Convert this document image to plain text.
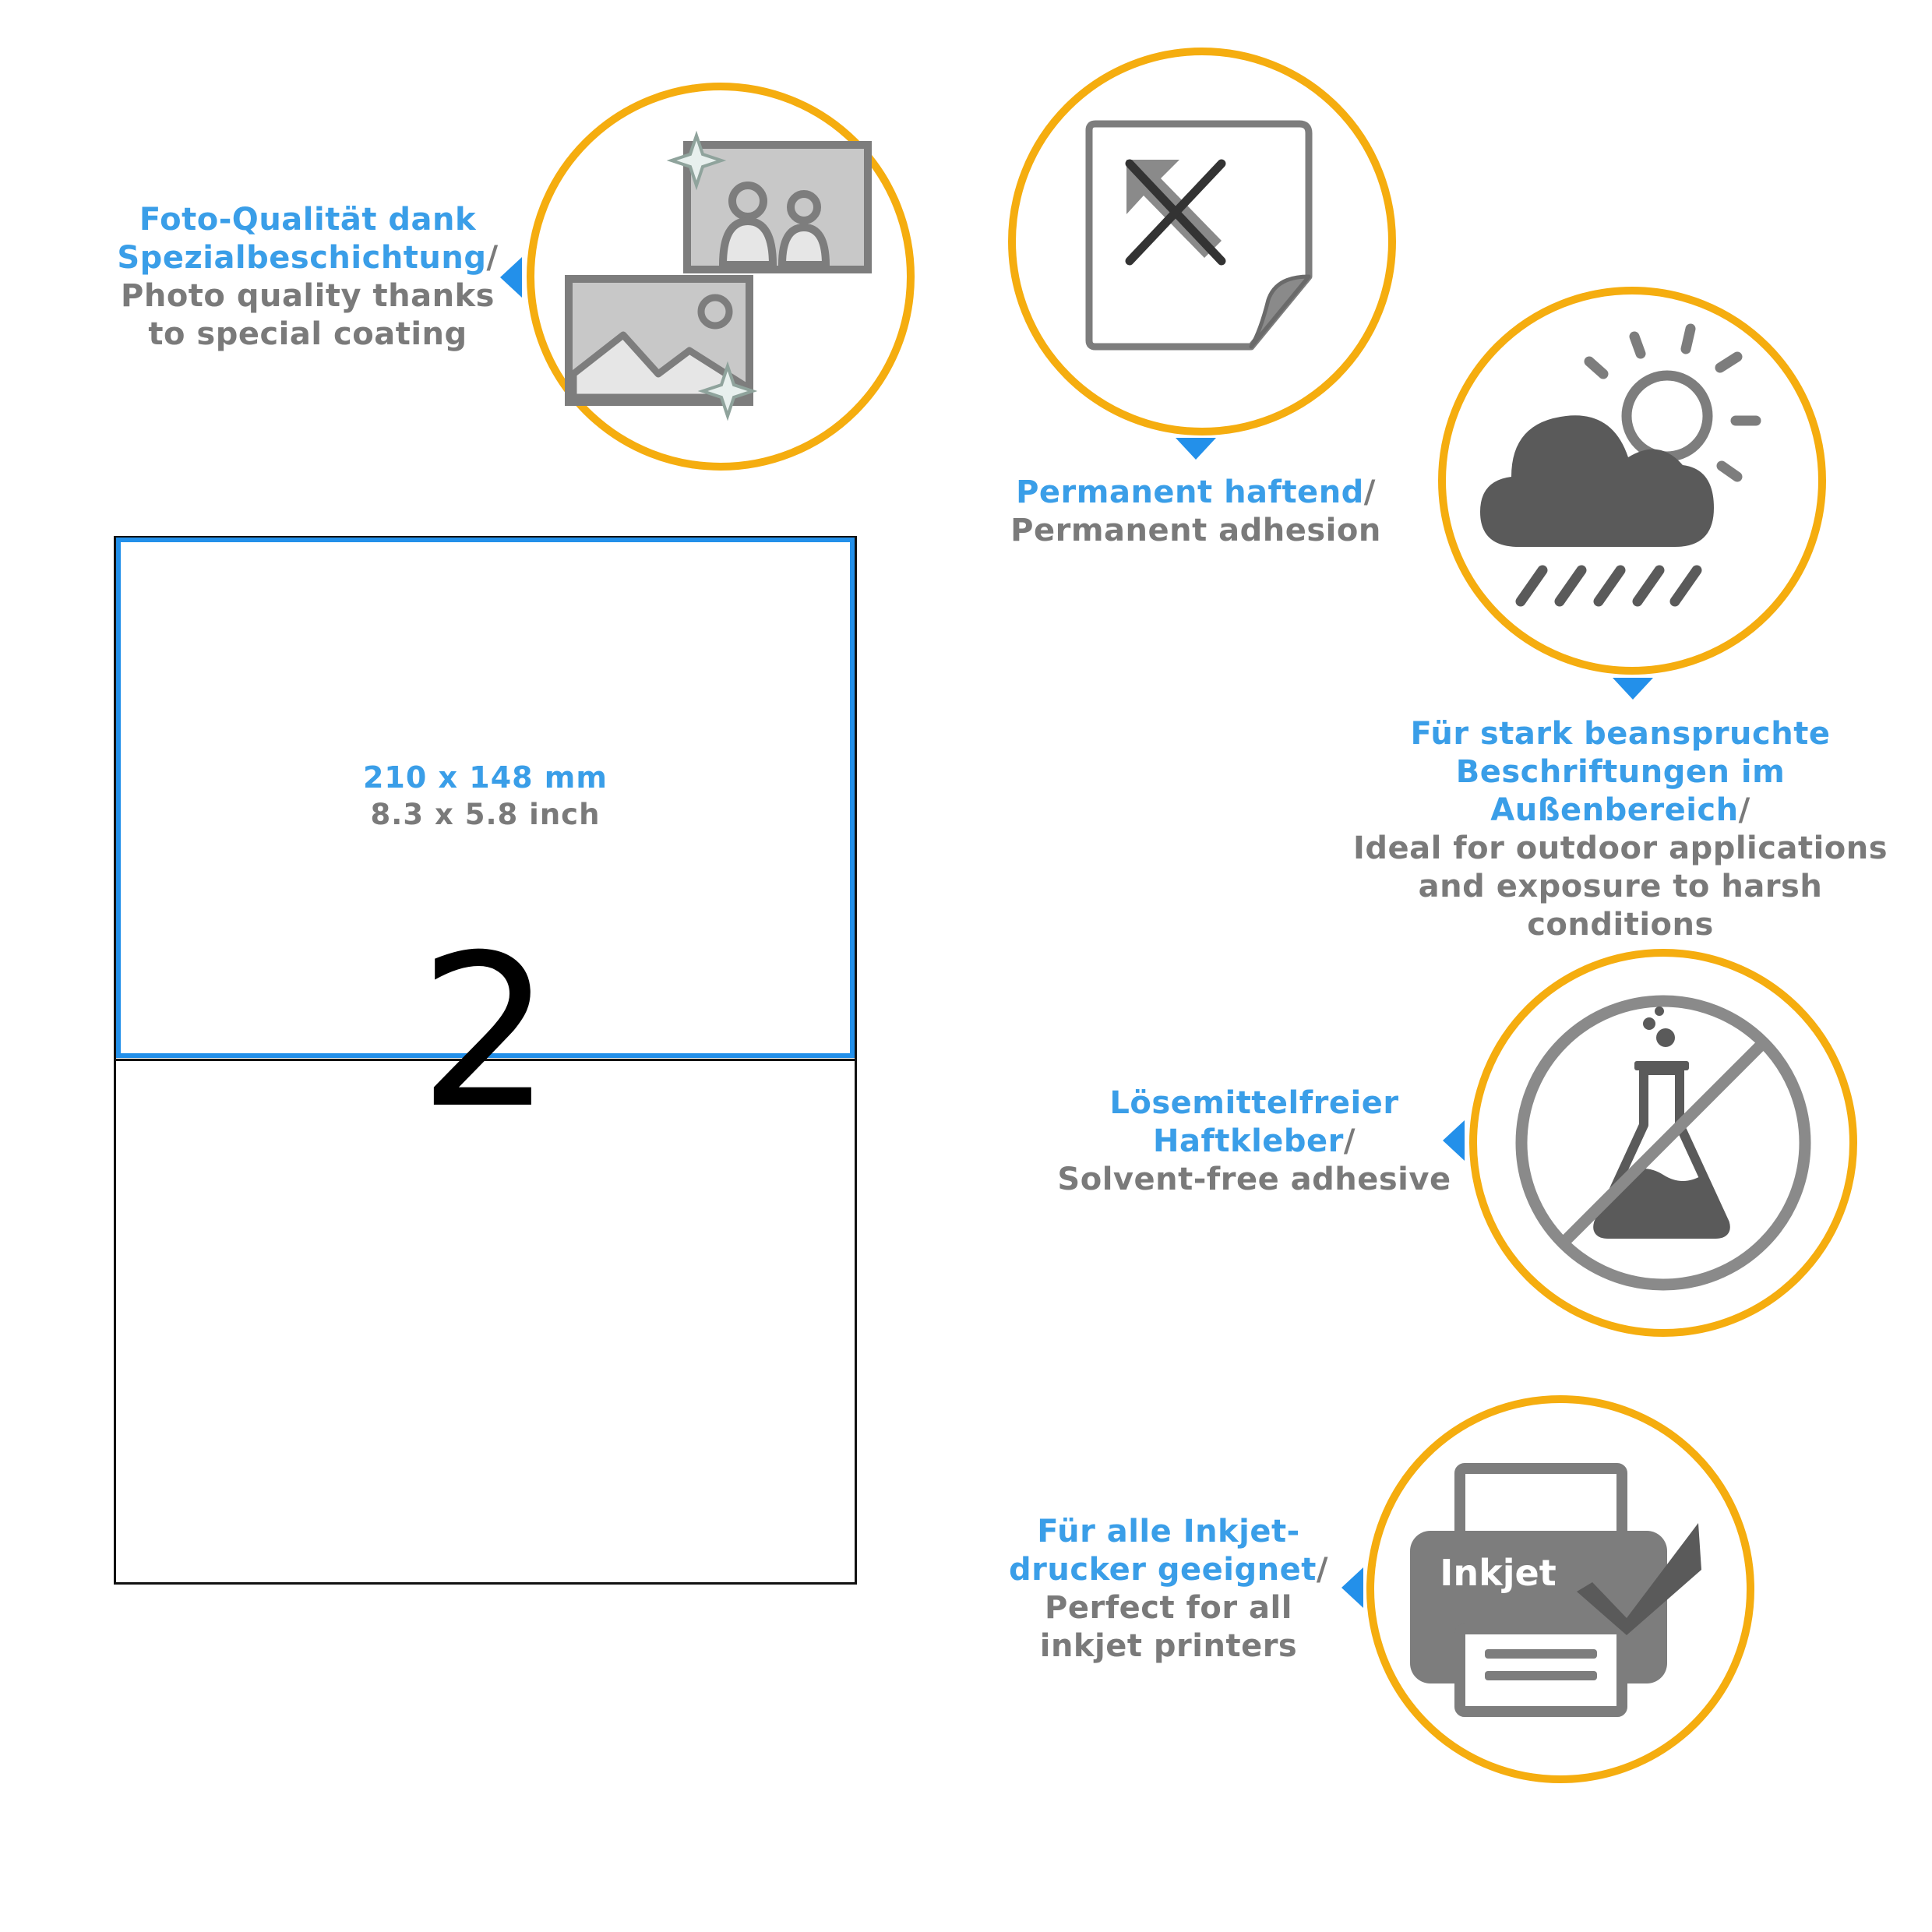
210 x 148 mm
8.3 x 5.8 inch
2
Foto-Qualität dank
Spezialbeschichtung/
Photo quality thanks
to special coating
Permanent haftend/
Permanent adhesion
Für stark beanspruchte
Beschriftungen im Außenbereich/
Ideal for outdoor applications
and exposure to harsh conditions
Lösemittelfreier
Haftkleber/
Solvent-free adhesive
Für alle Inkjet-
drucker geeignet/
Perfect for all
inkjet printers
Inkjet
